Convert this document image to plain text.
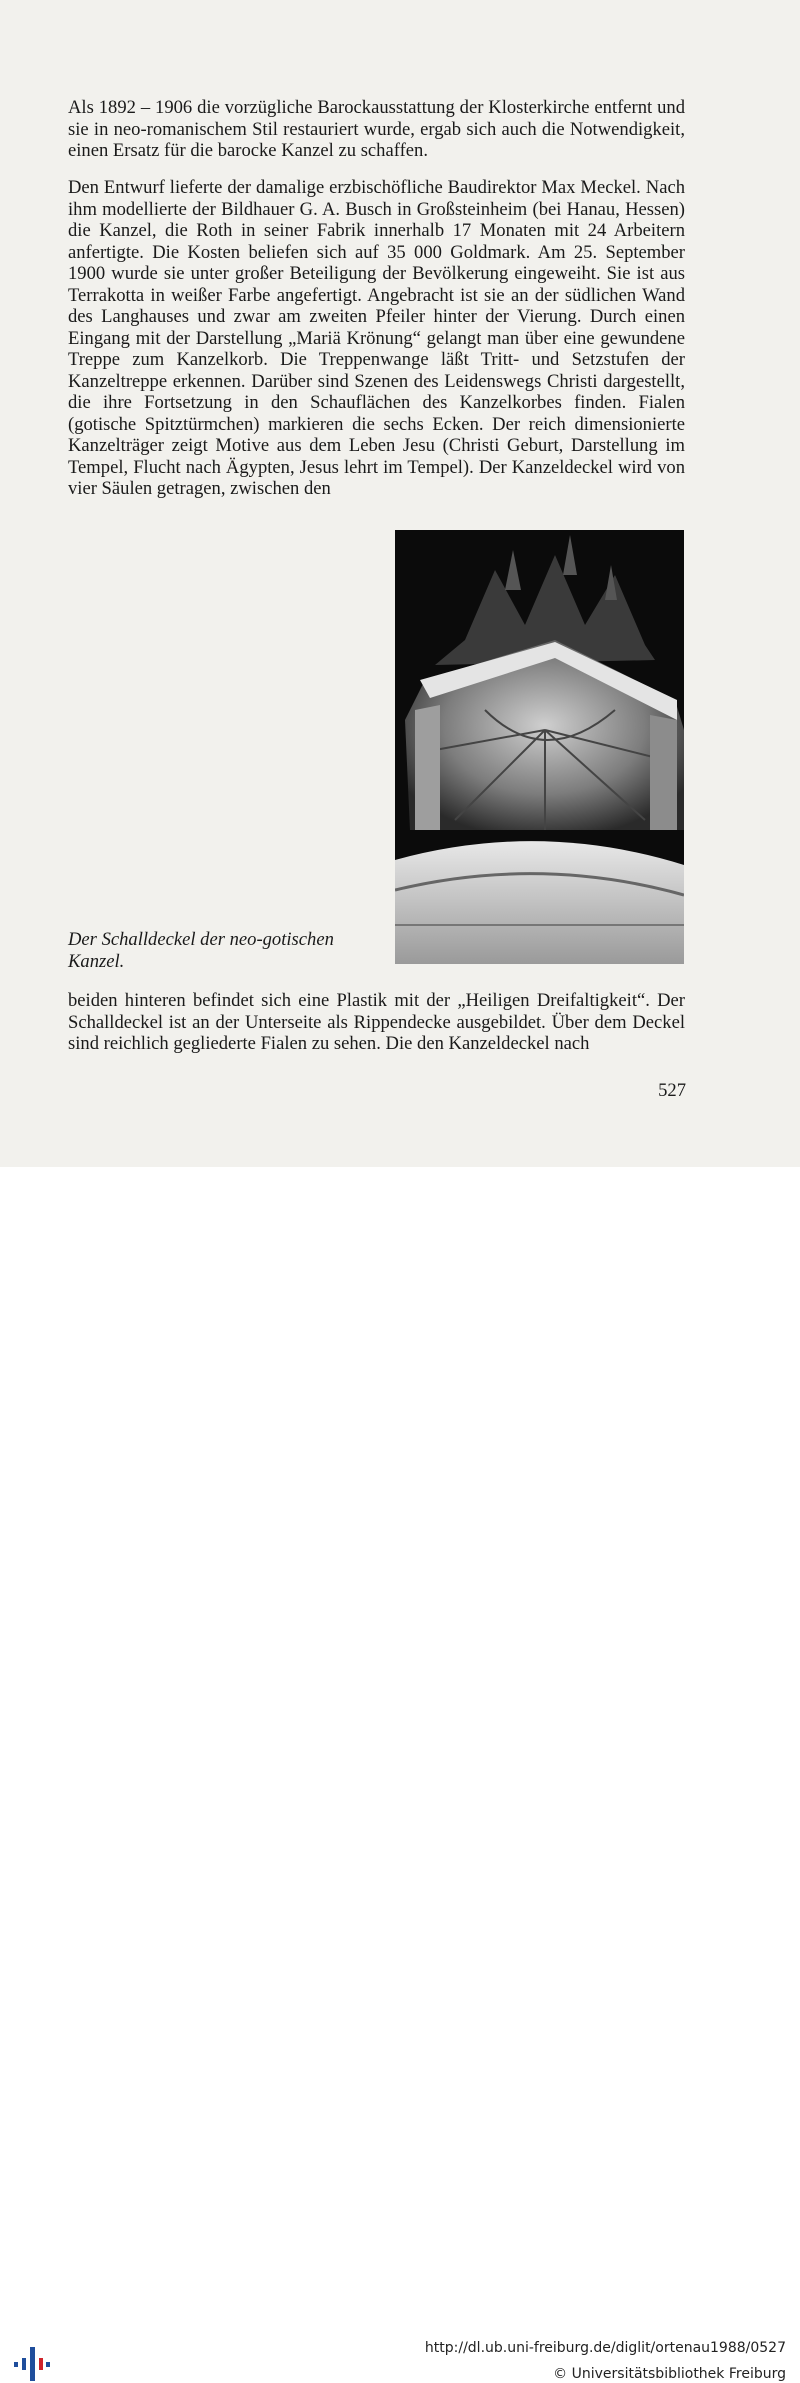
Als 1892 – 1906 die vorzügliche Barockausstattung der Klosterkirche entfernt und sie in neo-romanischem Stil restauriert wurde, ergab sich auch die Notwendigkeit, einen Ersatz für die barocke Kanzel zu schaffen.

Den Entwurf lieferte der damalige erzbischöfliche Baudirektor Max Meckel. Nach ihm modellierte der Bildhauer G. A. Busch in Großsteinheim (bei Hanau, Hessen) die Kanzel, die Roth in seiner Fabrik innerhalb 17 Monaten mit 24 Arbeitern anfertigte. Die Kosten beliefen sich auf 35 000 Goldmark. Am 25. September 1900 wurde sie unter großer Beteiligung der Bevölkerung eingeweiht. Sie ist aus Terrakotta in weißer Farbe angefertigt. Angebracht ist sie an der südlichen Wand des Langhauses und zwar am zweiten Pfeiler hinter der Vierung. Durch einen Eingang mit der Darstellung „Mariä Krönung“ gelangt man über eine gewundene Treppe zum Kanzelkorb. Die Treppenwange läßt Tritt- und Setzstufen der Kanzeltreppe erkennen. Darüber sind Szenen des Leidenswegs Christi dargestellt, die ihre Fortsetzung in den Schauflächen des Kanzelkorbes finden. Fialen (gotische Spitztürmchen) markieren die sechs Ecken. Der reich dimensionierte Kanzelträger zeigt Motive aus dem Leben Jesu (Christi Geburt, Darstellung im Tempel, Flucht nach Ägypten, Jesus lehrt im Tempel). Der Kanzeldeckel wird von vier Säulen getragen, zwischen den

Der Schalldeckel der neo-gotischen Kanzel.

beiden hinteren befindet sich eine Plastik mit der „Heiligen Dreifaltigkeit“. Der Schalldeckel ist an der Unterseite als Rippendecke ausgebildet. Über dem Deckel sind reichlich gegliederte Fialen zu sehen. Die den Kanzeldeckel nach

527
http://dl.ub.uni-freiburg.de/diglit/ortenau1988/0527
© Universitätsbibliothek Freiburg
